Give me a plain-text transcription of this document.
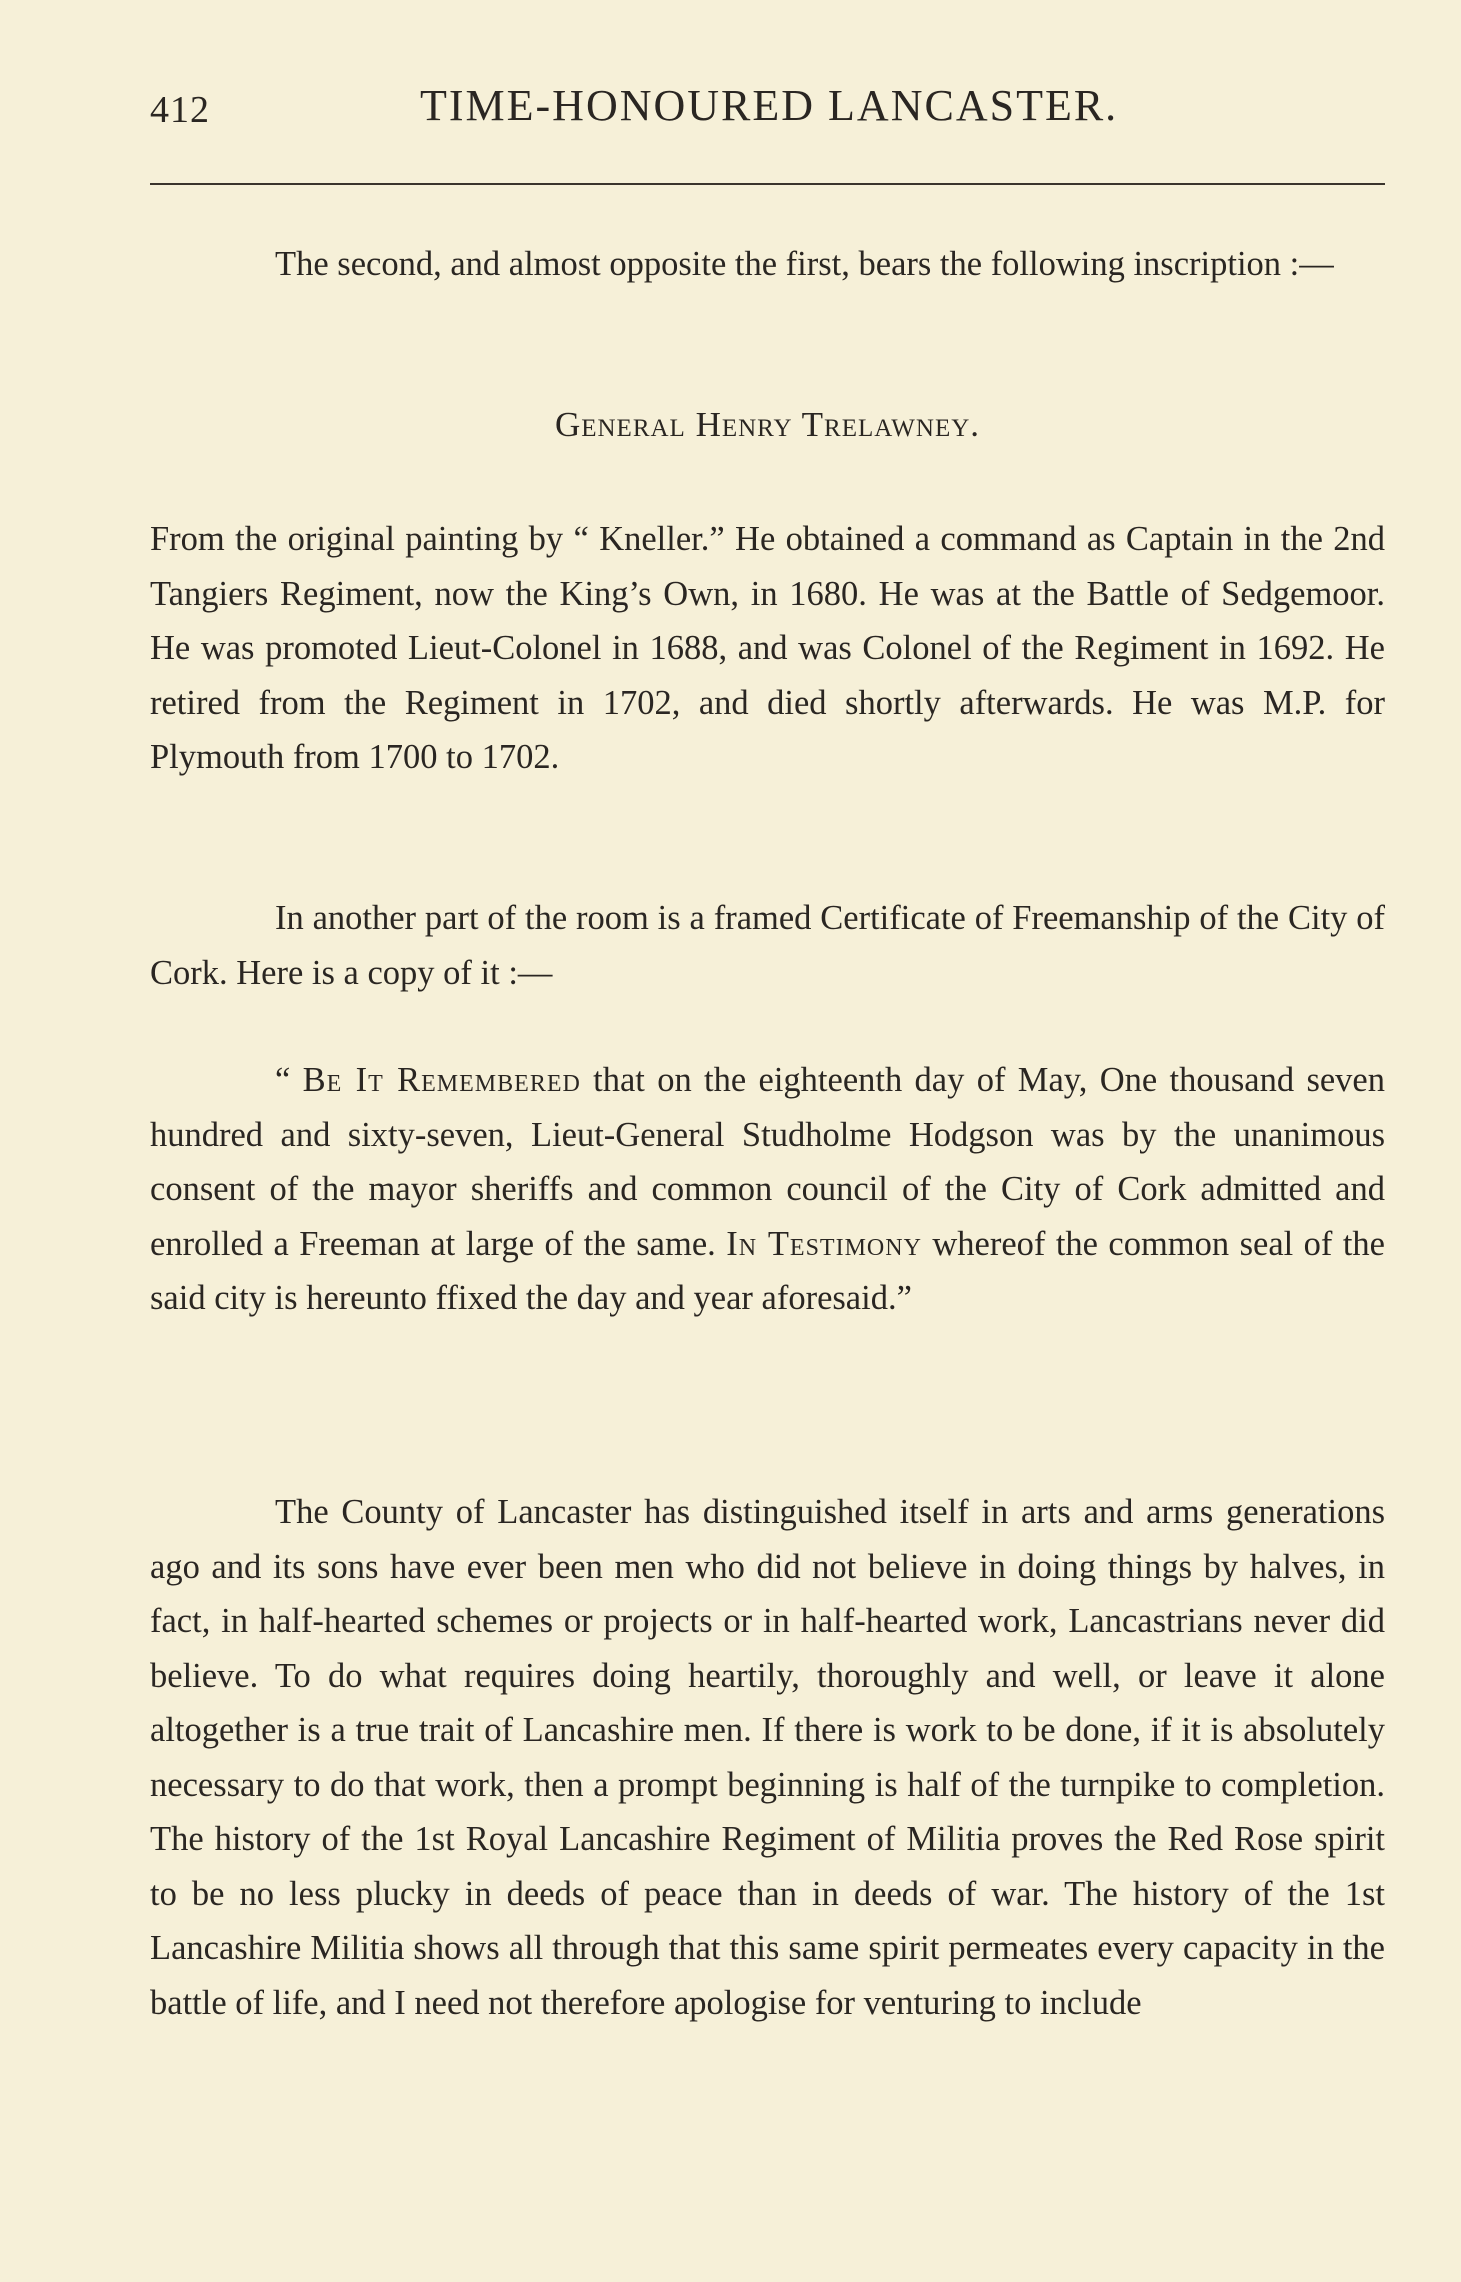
412	TIME-HONOURED LANCASTER.

The second, and almost opposite the first, bears the following inscription :—

General Henry Trelawney.

From the original painting by “ Kneller.” He obtained a command as Captain in the 2nd Tangiers Regiment, now the King’s Own, in 1680. He was at the Battle of Sedgemoor. He was promoted Lieut-Colonel in 1688, and was Colonel of the Regiment in 1692. He retired from the Regiment in 1702, and died shortly afterwards. He was M.P. for Plymouth from 1700 to 1702.

In another part of the room is a framed Certificate of Freemanship of the City of Cork. Here is a copy of it :—

“ Be It Remembered that on the eighteenth day of May, One thousand seven hundred and sixty-seven, Lieut-General Studholme Hodgson was by the unanimous consent of the mayor sheriffs and common council of the City of Cork admitted and enrolled a Freeman at large of the same. In Testimony whereof the common seal of the said city is hereunto ffixed the day and year aforesaid.”

The County of Lancaster has distinguished itself in arts and arms generations ago and its sons have ever been men who did not believe in doing things by halves, in fact, in half-hearted schemes or projects or in half-hearted work, Lancastrians never did believe. To do what requires doing heartily, thoroughly and well, or leave it alone altogether is a true trait of Lancashire men. If there is work to be done, if it is absolutely necessary to do that work, then a prompt beginning is half of the turnpike to completion. The history of the 1st Royal Lancashire Regiment of Militia proves the Red Rose spirit to be no less plucky in deeds of peace than in deeds of war. The history of the 1st Lancashire Militia shows all through that this same spirit permeates every capacity in the battle of life, and I need not therefore apologise for venturing to include
